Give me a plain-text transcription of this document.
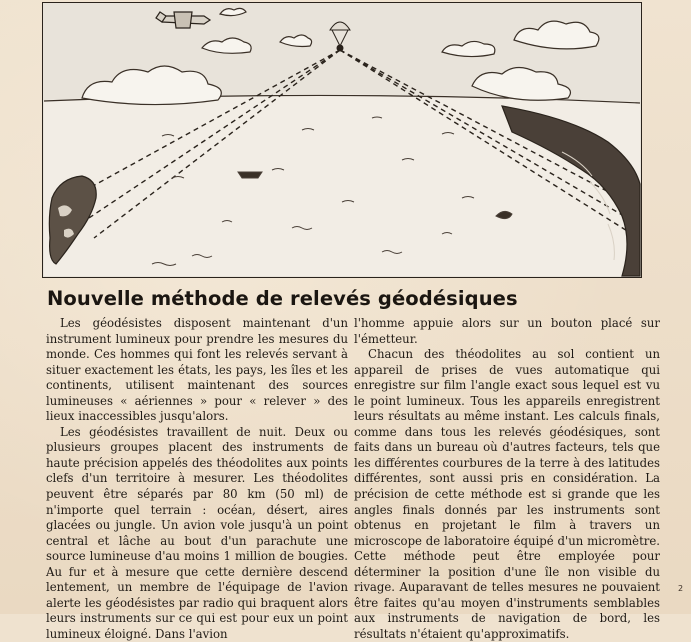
Nouvelle méthode de relevés géodésiques

Les géodésistes disposent maintenant d'un instrument lumineux pour prendre les mesures du monde. Ces hommes qui font les relevés servant à situer exactement les états, les pays, les îles et les continents, utilisent maintenant des sources lumineuses « aériennes » pour « relever » des lieux inaccessibles jusqu'alors.

Les géodésistes travaillent de nuit. Deux ou plusieurs groupes placent des instruments de haute précision appelés des théodolites aux points clefs d'un territoire à mesurer. Les théodolites peuvent être séparés par 80 km (50 ml) de n'importe quel terrain : océan, désert, aires glacées ou jungle. Un avion vole jusqu'à un point central et lâche au bout d'un parachute une source lumineuse d'au moins 1 million de bougies. Au fur et à mesure que cette dernière descend lentement, un membre de l'équipage de l'avion alerte les géodésistes par radio qui braquent alors leurs instruments sur ce qui est pour eux un point lumineux éloigné. Dans l'avion

l'homme appuie alors sur un bouton placé sur l'émetteur.

Chacun des théodolites au sol contient un appareil de prises de vues automatique qui enregistre sur film l'angle exact sous lequel est vu le point lumineux. Tous les appareils enregistrent leurs résultats au même instant. Les calculs finals, comme dans tous les relevés géodésiques, sont faits dans un bureau où d'autres facteurs, tels que les différentes courbures de la terre à des latitudes différentes, sont aussi pris en considération. La précision de cette méthode est si grande que les angles finals donnés par les instruments sont obtenus en projetant le film à travers un microscope de laboratoire équipé d'un micromètre. Cette méthode peut être employée pour déterminer la position d'une île non visible du rivage. Auparavant de telles mesures ne pouvaient être faites qu'au moyen d'instruments semblables aux instruments de navigation de bord, les résultats n'étaient qu'approximatifs.

2
